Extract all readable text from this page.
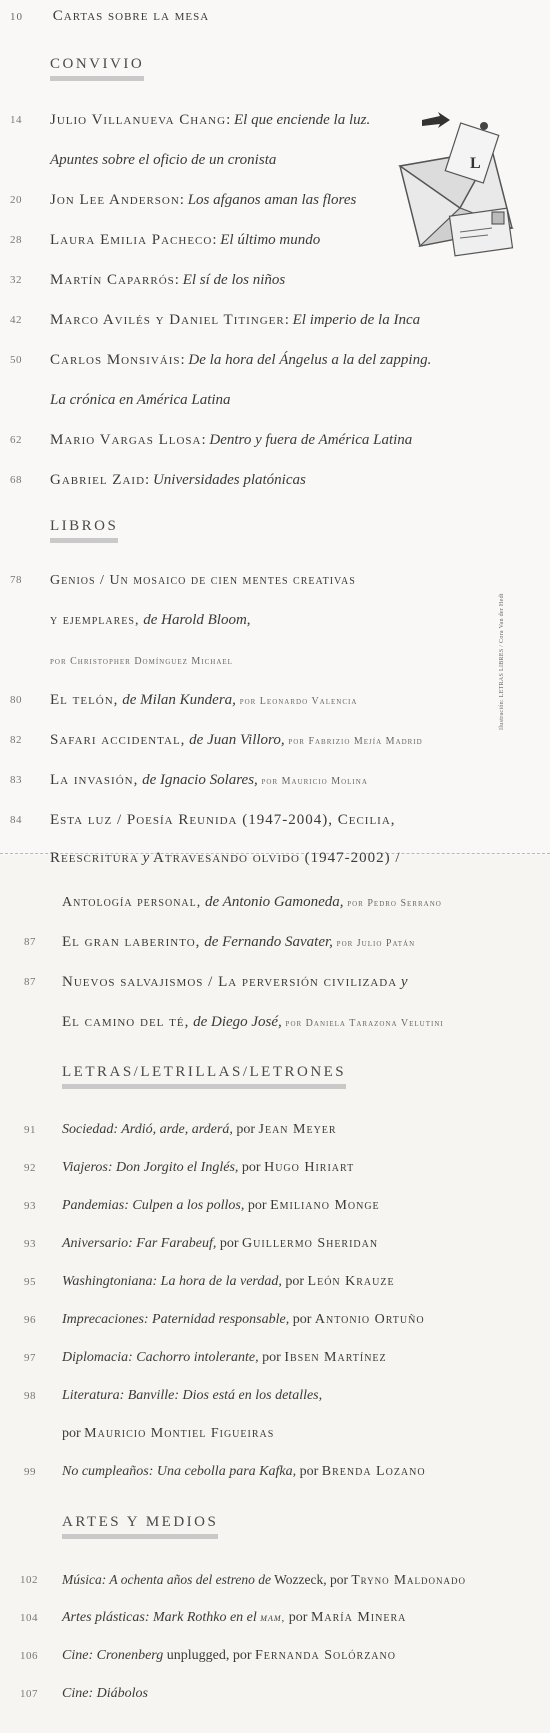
10 Cartas sobre la mesa
CONVIVIO
14 Julio Villanueva Chang: El que enciende la luz.
Apuntes sobre el oficio de un cronista
20 Jon Lee Anderson: Los afganos aman las flores
28 Laura Emilia Pacheco: El último mundo
32 Martín Caparrós: El sí de los niños
42 Marco Avilés y Daniel Titinger: El imperio de la Inca
50 Carlos Monsiváis: De la hora del Ángelus a la del zapping.
La crónica en América Latina
62 Mario Vargas Llosa: Dentro y fuera de América Latina
68 Gabriel Zaid: Universidades platónicas
L
LIBROS
78 Genios / Un mosaico de cien mentes creativas
y ejemplares, de Harold Bloom,
por Christopher Domínguez Michael
80 El telón, de Milan Kundera, por Leonardo Valencia
82 Safari accidental, de Juan Villoro, por Fabrizio Mejía Madrid
83 La invasión, de Ignacio Solares, por Mauricio Molina
84 Esta luz / Poesía Reunida (1947-2004), Cecilia,
Reescritura y Atravesando olvido (1947-2002) /
Ilustración: LETRAS LIBRES / Cora Van der Hedt
Antología personal, de Antonio Gamoneda, por Pedro Serrano
87 El gran laberinto, de Fernando Savater, por Julio Patán
87 Nuevos salvajismos / La perversión civilizada y
El camino del té, de Diego José, por Daniela Tarazona Velutini
LETRAS/LETRILLAS/LETRONES
91 Sociedad: Ardió, arde, arderá, por Jean Meyer
92 Viajeros: Don Jorgito el Inglés, por Hugo Hiriart
93 Pandemias: Culpen a los pollos, por Emiliano Monge
93 Aniversario: Far Farabeuf, por Guillermo Sheridan
95 Washingtoniana: La hora de la verdad, por León Krauze
96 Imprecaciones: Paternidad responsable, por Antonio Ortuño
97 Diplomacia: Cachorro intolerante, por Ibsen Martínez
98 Literatura: Banville: Dios está en los detalles,
por Mauricio Montiel Figueiras
99 No cumpleaños: Una cebolla para Kafka, por Brenda Lozano
ARTES Y MEDIOS
102 Música: A ochenta años del estreno de Wozzeck, por Tryno Maldonado
104 Artes plásticas: Mark Rothko en el mam, por María Minera
106 Cine: Cronenberg unplugged, por Fernanda Solórzano
107 Cine: Diábolos
